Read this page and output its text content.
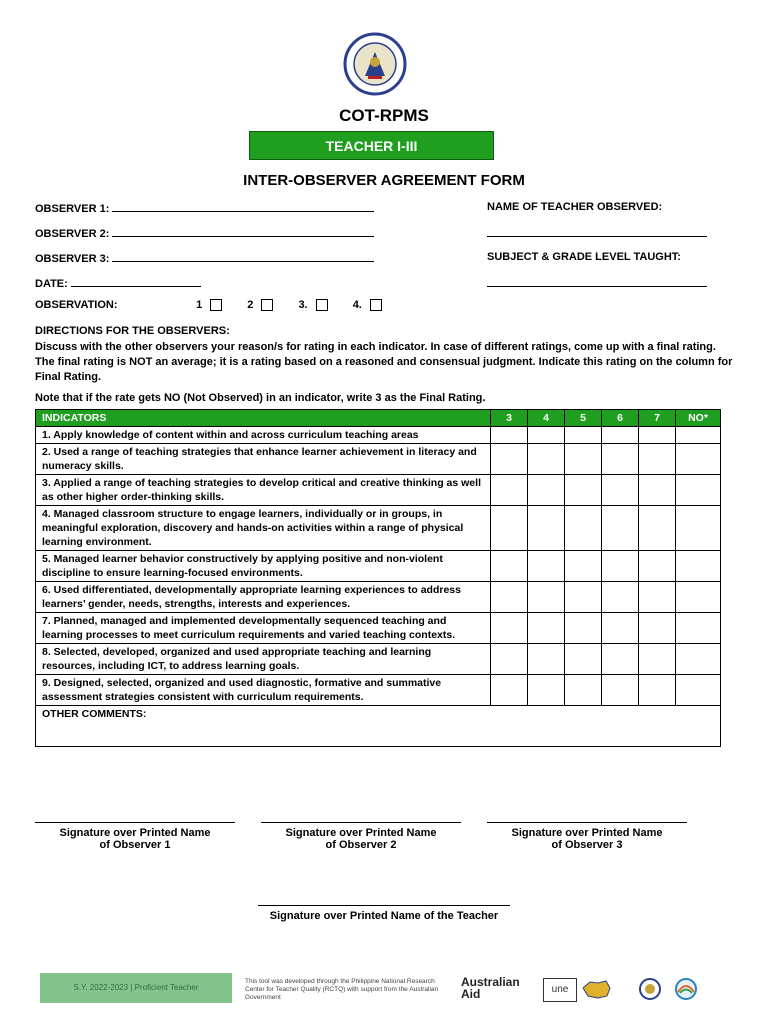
COT-RPMS
TEACHER I-III
INTER-OBSERVER AGREEMENT FORM
OBSERVER 1:
OBSERVER 2:
OBSERVER 3:
DATE:
OBSERVATION:	1
	2
	3.
	4.
NAME OF TEACHER OBSERVED:
SUBJECT & GRADE LEVEL TAUGHT:
DIRECTIONS FOR THE OBSERVERS:
Discuss with the other observers your reason/s for rating in each indicator. In case of different ratings, come up with a final rating. The final rating is NOT an average; it is a rating based on a reasoned and consensual judgment. Indicate this rating on the column for Final Rating.
Note that if the rate gets NO (Not Observed) in an indicator, write 3 as the Final Rating.
INDICATORS	3	4	5	6	7	NO*
1. Apply knowledge of content within and across curriculum teaching areas						
2. Used a range of teaching strategies that enhance learner achievement in literacy and numeracy skills.						
3. Applied a range of teaching strategies to develop critical and creative thinking as well as other higher order-thinking skills.						
4. Managed classroom structure to engage learners, individually or in groups, in meaningful exploration, discovery and hands-on activities within a range of physical learning environment.						
5. Managed learner behavior constructively by applying positive and non-violent discipline to ensure learning-focused environments.						
6. Used differentiated, developmentally appropriate learning experiences to address learners’ gender, needs, strengths, interests and experiences.						
7. Planned, managed and implemented developmentally sequenced teaching and learning processes to meet curriculum requirements and varied teaching contexts.						
8. Selected, developed, organized and used appropriate teaching and learning resources, including ICT, to address learning goals.						
9. Designed, selected, organized and used diagnostic, formative and summative assessment strategies consistent with curriculum requirements.						
OTHER COMMENTS:						
Signature over Printed Name
of Observer 1
Signature over Printed Name
of Observer 2
Signature over Printed Name
of Observer 3
Signature over Printed Name of the Teacher
S.Y. 2022-2023 | Proficient Teacher
This tool was developed through the Philippine National Research Center for Teacher Quality (RCTQ) with support from the Australian Government
Australian
Aid	une
